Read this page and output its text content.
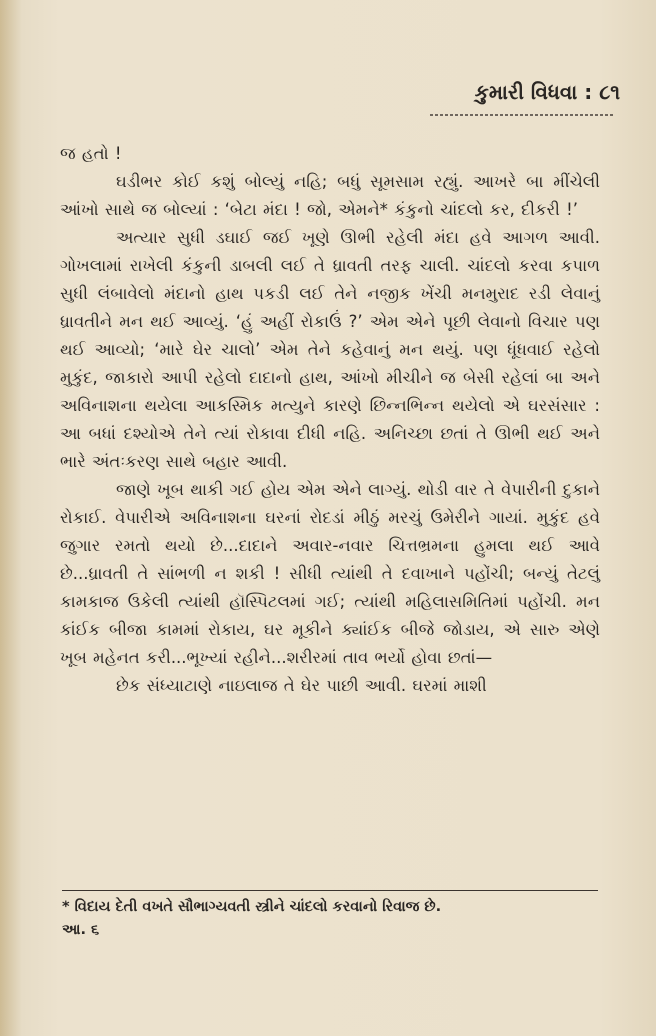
કુમારી વિધવા : ૮૧

જ હતો !

ઘડીભર કોઈ કશું બોલ્યું નહિ; બધું સૂમસામ રહ્યું. આખરે બા મીંચેલી આંખો સાથે જ બોલ્યાં : ‘બેટા મંદા ! જો, એમને* કંકુનો ચાંદલો કર, દીકરી !’

અત્યાર સુધી ડઘાઈ જઈ ખૂણે ઊભી રહેલી મંદા હવે આગળ આવી. ગોખલામાં રાખેલી કંકુની ડાબલી લઈ તે ધ્રાવતી તરફ ચાલી. ચાંદલો કરવા કપાળ સુધી લંબાવેલો મંદાનો હાથ પકડી લઈ તેને નજીક ખેંચી મનમુરાદ રડી લેવાનું ધ્રાવતીને મન થઈ આવ્યું. ‘હું અહીં રોકાઉં ?’ એમ એને પૂછી લેવાનો વિચાર પણ થઈ આવ્યો; ‘મારે ઘેર ચાલો’ એમ તેને કહેવાનું મન થયું. પણ ધૂંધવાઈ રહેલો મુકુંદ, જાકારો આપી રહેલો દાદાનો હાથ, આંખો મીચીને જ બેસી રહેલાં બા અને અવિનાશના થયેલા આકસ્મિક મત્યુને કારણે છિન્નભિન્ન થયેલો એ ઘરસંસાર : આ બધાં દશ્યોએ તેને ત્યાં રોકાવા દીધી નહિ. અનિચ્છા છતાં તે ઊભી થઈ અને ભારે અંતઃકરણ સાથે બહાર આવી.

જાણે ખૂબ થાકી ગઈ હોય એમ એને લાગ્યું. થોડી વાર તે વેપારીની દુકાને રોકાઈ. વેપારીએ અવિનાશના ઘરનાં રોદડાં મીઠું મરચું ઉમેરીને ગાયાં. મુકુંદ હવે જુગાર રમતો થયો છે...દાદાને અવાર-નવાર ચિત્તભ્રમના હુમલા થઈ આવે છે...ધ્રાવતી તે સાંભળી ન શકી ! સીધી ત્યાંથી તે દવાખાને પહોંચી; બન્યું તેટલું કામકાજ ઉકેલી ત્યાંથી હૉસ્પિટલમાં ગઈ; ત્યાંથી મહિલાસમિતિમાં પહોંચી. મન કાંઈક બીજા કામમાં રોકાય, ઘર મૂકીને ક્યાંઈક બીજે જોડાય, એ સારુ એણે ખૂબ મહેનત કરી...ભૂખ્યાં રહીને...શરીરમાં તાવ ભર્યો હોવા છતાં—

છેક સંધ્યાટાણે નાઇલાજ તે ઘેર પાછી આવી. ઘરમાં માશી

* વિદાય દેતી વખતે સૌભાગ્યવતી સ્ત્રીને ચાંદલો કરવાનો રિવાજ છે.
આ. ૬
